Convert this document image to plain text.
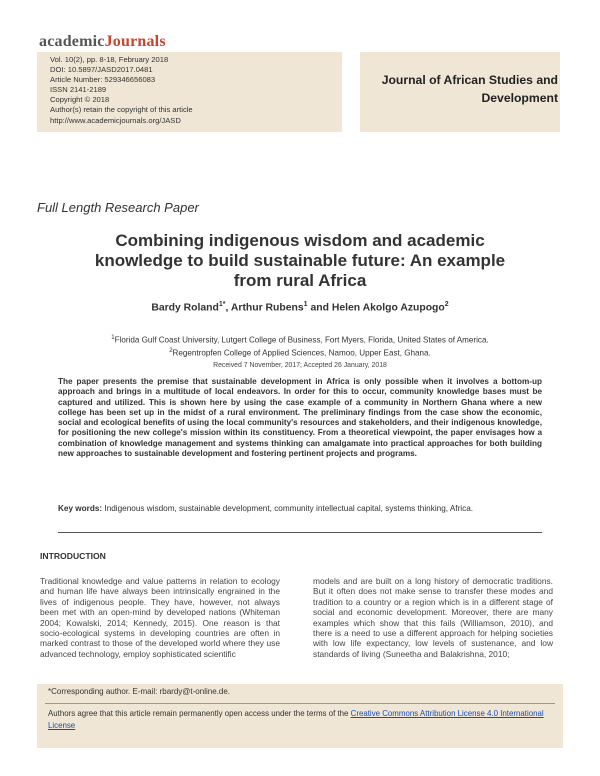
academicJournals
Vol. 10(2), pp. 8-18, February 2018
DOI: 10.5897/JASD2017.0481
Article Number: 529346656083
ISSN 2141-2189
Copyright © 2018
Author(s) retain the copyright of this article
http://www.academicjournals.org/JASD
Journal of African Studies and
Development
Full Length Research Paper
Combining indigenous wisdom and academic
knowledge to build sustainable future: An example
from rural Africa
Bardy Roland$^{1*}$, Arthur Rubens$^1$ and Helen Akolgo Azupogo$^2$
$^1$Florida Gulf Coast University, Lutgert College of Business, Fort Myers, Florida, United States of America.
$^2$Regentropfen College of Applied Sciences, Namoo, Upper East, Ghana.
Received 7 November, 2017; Accepted 26 January, 2018
The paper presents the premise that sustainable development in Africa is only possible when it involves a bottom-up approach and brings in a multitude of local endeavors. In order for this to occur, community knowledge bases must be captured and utilized. This is shown here by using the case example of a community in Northern Ghana where a new college has been set up in the midst of a rural environment. The preliminary findings from the case show the economic, social and ecological benefits of using the local community's resources and stakeholders, and their indigenous knowledge, for positioning the new college's mission within its constituency. From a theoretical viewpoint, the paper envisages how a combination of knowledge management and systems thinking can amalgamate into practical approaches for both building new approaches to sustainable development and fostering pertinent projects and programs.
Key words: Indigenous wisdom, sustainable development, community intellectual capital, systems thinking, Africa.
INTRODUCTION
Traditional knowledge and value patterns in relation to ecology and human life have always been intrinsically engrained in the lives of indigenous people. They have, however, not always been met with an open-mind by developed nations (Whiteman 2004; Kowalski, 2014; Kennedy, 2015). One reason is that socio-ecological systems in developing countries are often in marked contrast to those of the developed world where they use advanced technology, employ sophisticated scientific
models and are built on a long history of democratic traditions. But it often does not make sense to transfer these modes and tradition to a country or a region which is in a different stage of social and economic development. Moreover, there are many examples which show that this fails (Williamson, 2010), and there is a need to use a different approach for helping societies with low life expectancy, low levels of sustenance, and low standards of living (Suneetha and Balakrishna, 2010;
*Corresponding author. E-mail: rbardy@t-online.de.
Authors agree that this article remain permanently open access under the terms of the Creative Commons Attribution License 4.0 International License
